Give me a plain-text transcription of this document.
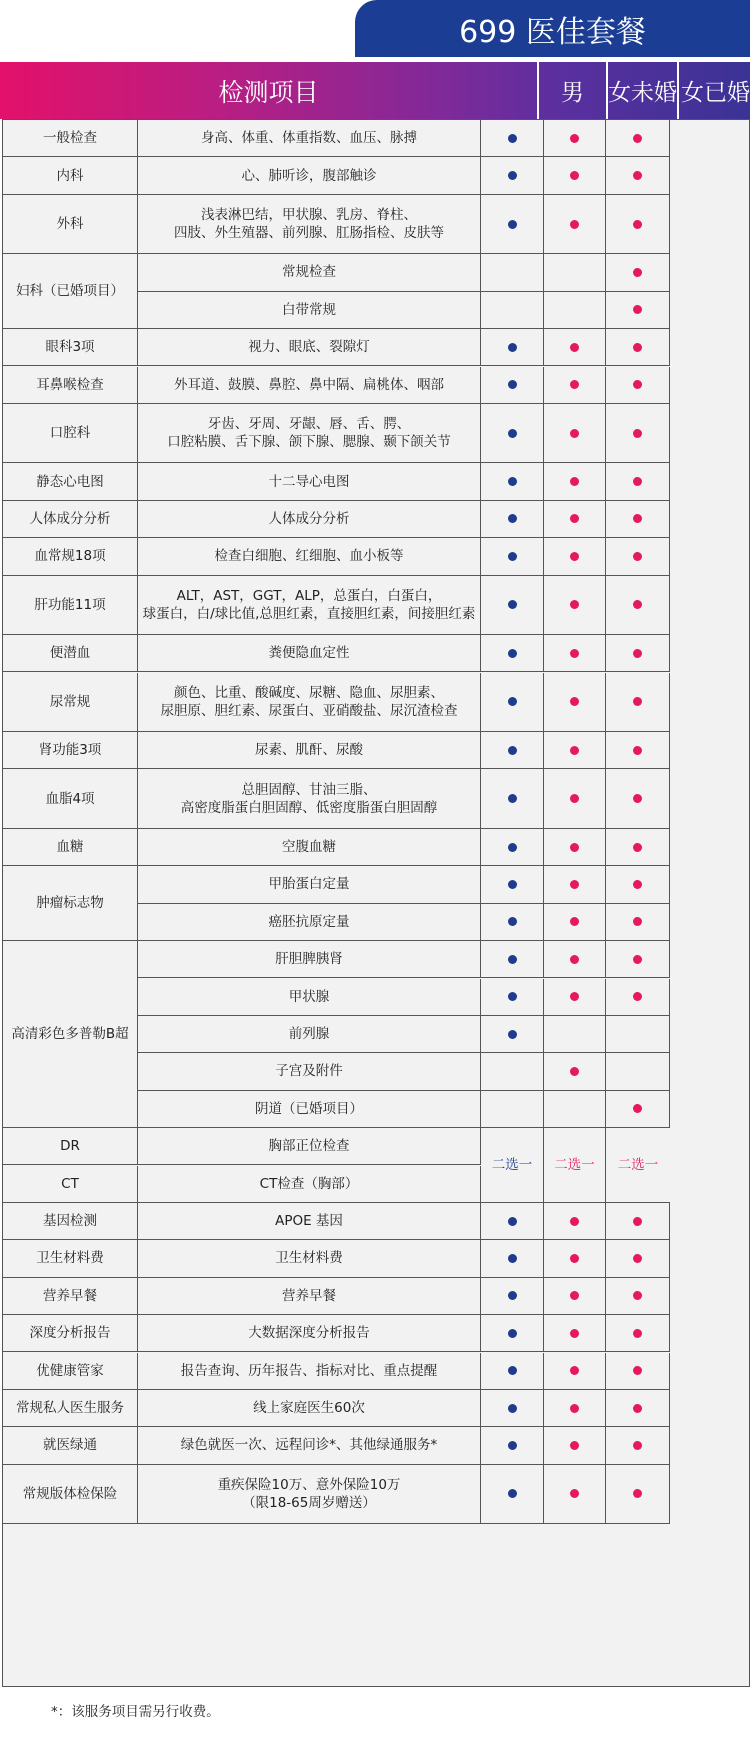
699 医佳套餐
检测项目	男	女未婚 女已婚
*：该服务项目需另行收费。
身高、体重、体重指数、血压、脉搏
一般检查
心、肺听诊，腹部触诊
内科
浅表淋巴结，甲状腺、乳房、脊柱、
四肢、外生殖器、前列腺、肛肠指检、皮肤等
外科
常规检查
白带常规
妇科（已婚项目）
视力、眼底、裂隙灯
眼科3项
外耳道、鼓膜、鼻腔、鼻中隔、扁桃体、咽部
耳鼻喉检查
牙齿、牙周、牙龈、唇、舌、腭、
口腔粘膜、舌下腺、颌下腺、腮腺、颞下颌关节
口腔科
十二导心电图
静态心电图
人体成分分析
人体成分分析
检查白细胞、红细胞、血小板等
血常规18项
ALT，AST，GGT，ALP，总蛋白，白蛋白，
球蛋白，白/球比值,总胆红素，直接胆红素，间接胆红素
肝功能11项
粪便隐血定性
便潜血
颜色、比重、酸碱度、尿糖、隐血、尿胆素、
尿胆原、胆红素、尿蛋白、亚硝酸盐、尿沉渣检查
尿常规
尿素、肌酐、尿酸
肾功能3项
总胆固醇、甘油三脂、
高密度脂蛋白胆固醇、低密度脂蛋白胆固醇
血脂4项
空腹血糖
血糖
甲胎蛋白定量
癌胚抗原定量
肿瘤标志物
肝胆脾胰肾
甲状腺
前列腺
子宫及附件
阴道（已婚项目）
高清彩色多普勒B超
胸部正位检查
DR
CT检查（胸部）
CT
APOE 基因
基因检测
卫生材料费
卫生材料费
营养早餐
营养早餐
大数据深度分析报告
深度分析报告
报告查询、历年报告、指标对比、重点提醒
优健康管家
线上家庭医生60次
常规私人医生服务
绿色就医一次、远程问诊*、其他绿通服务*
就医绿通
重疾保险10万、意外保险10万
（限18-65周岁赠送）
常规版体检保险
二选一 二选一 二选一
